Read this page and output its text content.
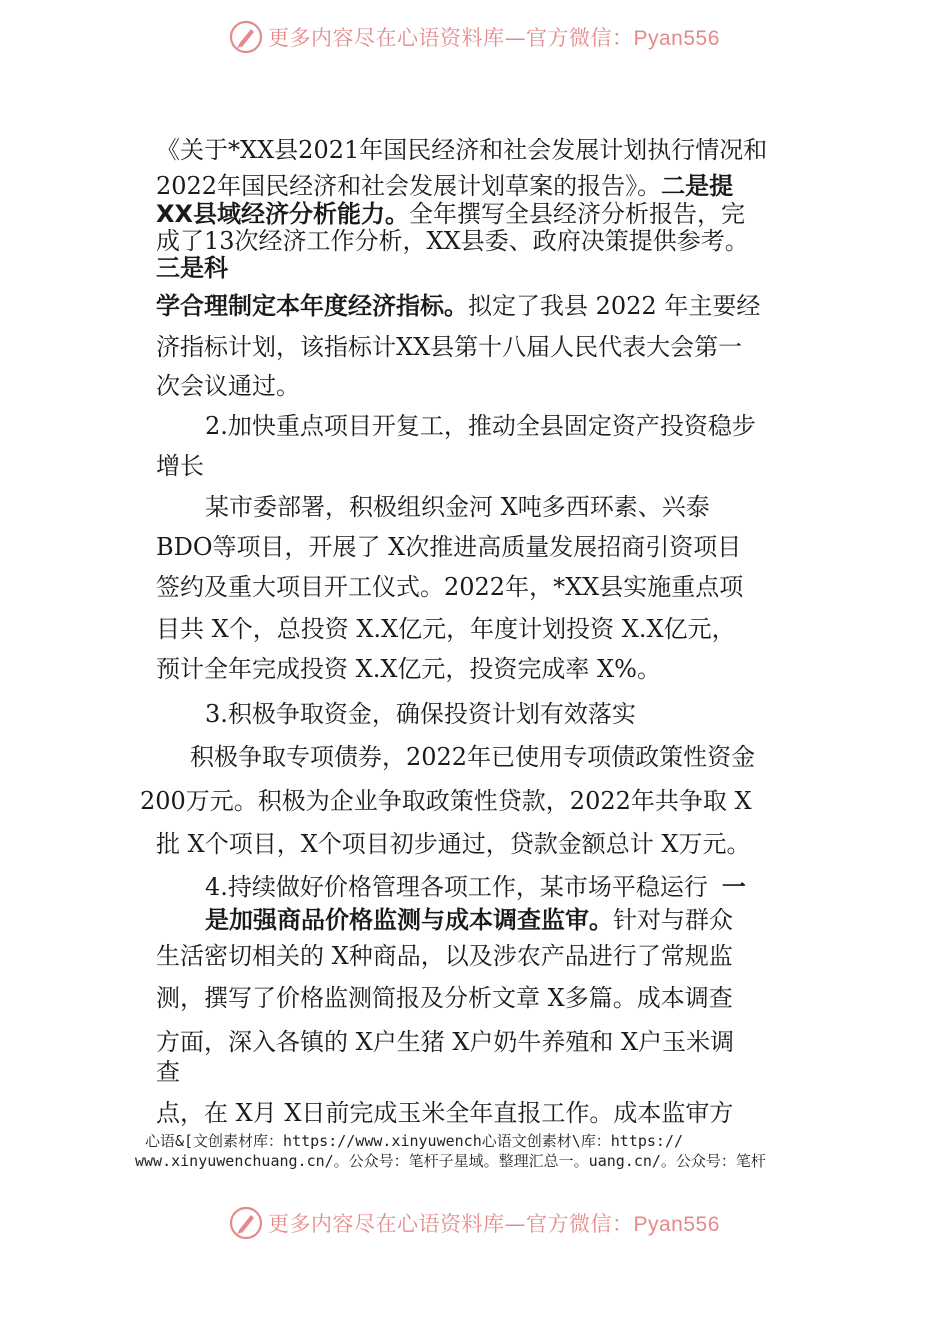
更多内容尽在心语资料库—官方微信：Pyan556
《关于*XX县2021年国民经济和社会发展计划执行情况和
2022年国民经济和社会发展计划草案的报告》。二是提
XX县域经济分析能力。全年撰写全县经济分析报告，完
成了13次经济工作分析，XX县委、政府决策提供参考。
三是科
学合理制定本年度经济指标。拟定了我县 2022 年主要经
济指标计划，该指标计XX县第十八届人民代表大会第一
次会议通过。
2.加快重点项目开复工，推动全县固定资产投资稳步
增长
某市委部署，积极组织金河 X吨多西环素、兴泰
BDO等项目，开展了 X次推进高质量发展招商引资项目
签约及重大项目开工仪式。2022年，*XX县实施重点项
目共 X个，总投资 X.X亿元，年度计划投资 X.X亿元，
预计全年完成投资 X.X亿元，投资完成率 X%。
3.积极争取资金，确保投资计划有效落实
积极争取专项债券，2022年已使用专项债政策性资金
200万元。积极为企业争取政策性贷款，2022年共争取 X
批 X个项目，X个项目初步通过，贷款金额总计 X万元。
4.持续做好价格管理各项工作，某市场平稳运行 一
是加强商品价格监测与成本调查监审。针对与群众
生活密切相关的 X种商品，以及涉农产品进行了常规监
测，撰写了价格监测简报及分析文章 X多篇。成本调查
方面，深入各镇的 X户生猪 X户奶牛养殖和 X户玉米调
查
点，在 X月 X日前完成玉米全年直报工作。成本监审方
心语&[文创素材库：https://www.xinyuwench心语文创素材\库：https://
www.xinyuwenchuang.cn/。公众号：笔杆子星域。整理汇总一。uang.cn/。公众号：笔杆
更多内容尽在心语资料库—官方微信：Pyan556
